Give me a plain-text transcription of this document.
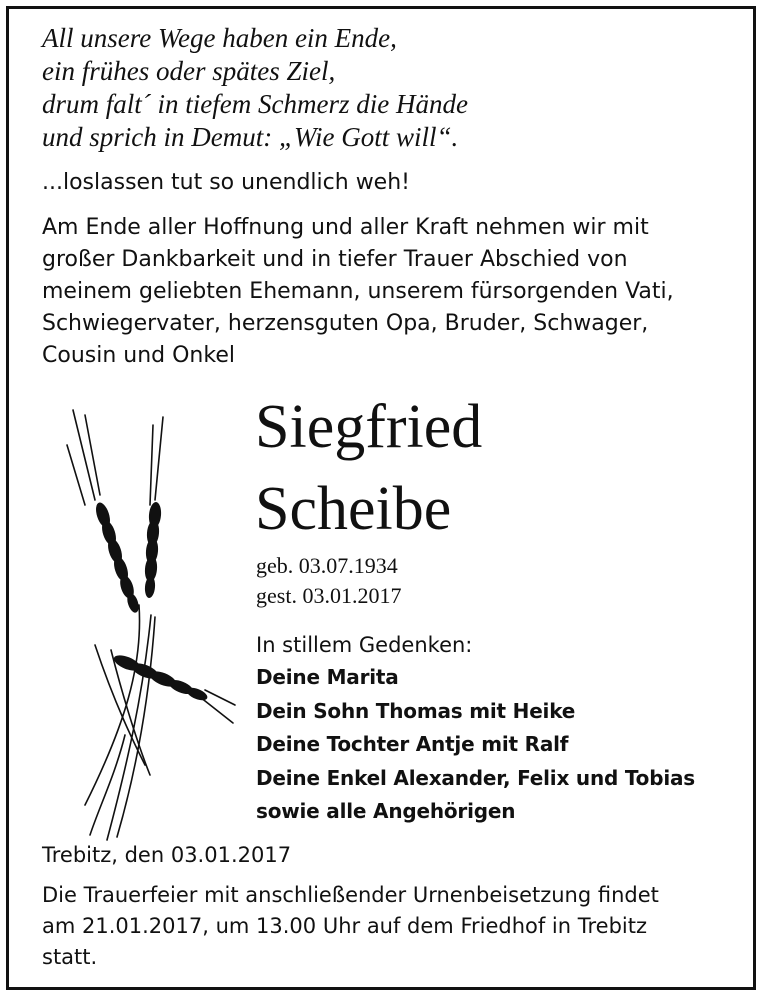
All unsere Wege haben ein Ende,
ein frühes oder spätes Ziel,
drum falt´ in tiefem Schmerz die Hände
und sprich in Demut: „Wie Gott will“.
...loslassen tut so unendlich weh!
Am Ende aller Hoffnung und aller Kraft nehmen wir mit
großer Dankbarkeit und in tiefer Trauer Abschied von
meinem geliebten Ehemann, unserem fürsorgenden Vati,
Schwiegervater, herzensguten Opa, Bruder, Schwager,
Cousin und Onkel
Siegfried
Scheibe
geb. 03.07.1934
gest. 03.01.2017
In stillem Gedenken:
Deine Marita
Dein Sohn Thomas mit Heike
Deine Tochter Antje mit Ralf
Deine Enkel Alexander, Felix und Tobias
sowie alle Angehörigen
Trebitz, den 03.01.2017
Die Trauerfeier mit anschließender Urnenbeisetzung findet
am 21.01.2017, um 13.00 Uhr auf dem Friedhof in Trebitz
statt.
